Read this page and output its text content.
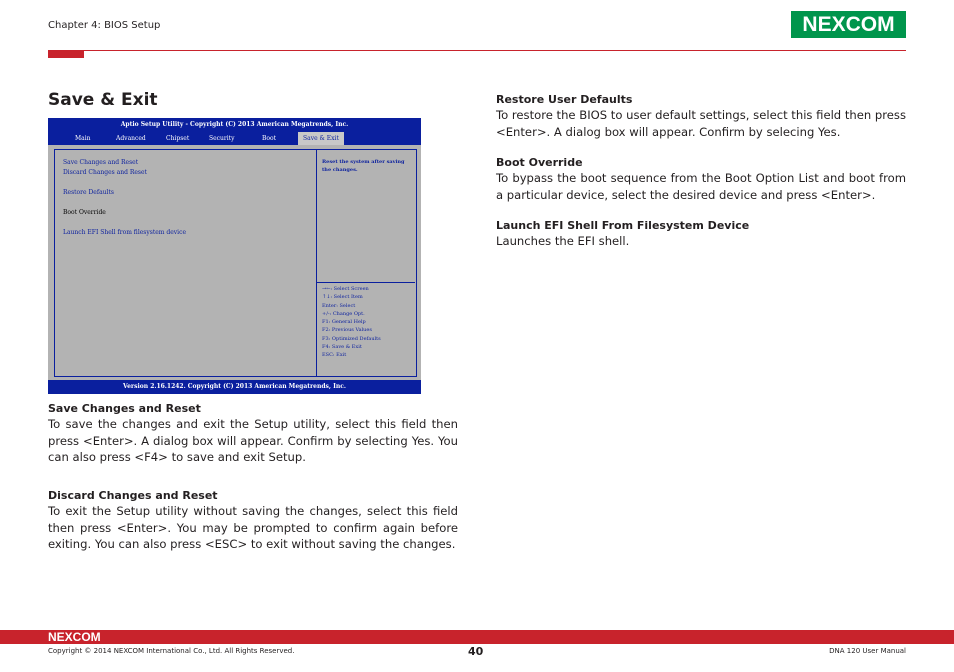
Chapter 4: BIOS Setup	NEXCOM
Save & Exit
Aptio Setup Utility - Copyright (C) 2013 American Megatrends, Inc.
Main	Advanced	Chipset	Security	Boot	Save & Exit
Save Changes and Reset
Discard Changes and Reset
Restore Defaults
Boot Override
Launch EFI Shell from filesystem device
Reset the system after saving the changes.
→←: Select Screen
↑↓: Select Item
Enter: Select
+/-: Change Opt.
F1: General Help
F2: Previous Values
F3: Optimized Defaults
F4: Save & Exit
ESC: Exit
Version 2.16.1242. Copyright (C) 2013 American Megatrends, Inc.
Save Changes and Reset

To save the changes and exit the Setup utility, select this field then press <Enter>. A dialog box will appear. Confirm by selecting Yes. You can also press <F4> to save and exit Setup.

Discard Changes and Reset

To exit the Setup utility without saving the changes, select this field then press <Enter>. You may be prompted to confirm again before exiting. You can also press <ESC> to exit without saving the changes.

Restore User Defaults

To restore the BIOS to user default settings, select this field then press <Enter>. A dialog box will appear. Confirm by selecing Yes.

Boot Override

To bypass the boot sequence from the Boot Option List and boot from a particular device, select the desired device and press <Enter>.

Launch EFI Shell From Filesystem Device

Launches the EFI shell.

NEXCOM
Copyright © 2014 NEXCOM International Co., Ltd. All Rights Reserved.	40	DNA 120 User Manual
